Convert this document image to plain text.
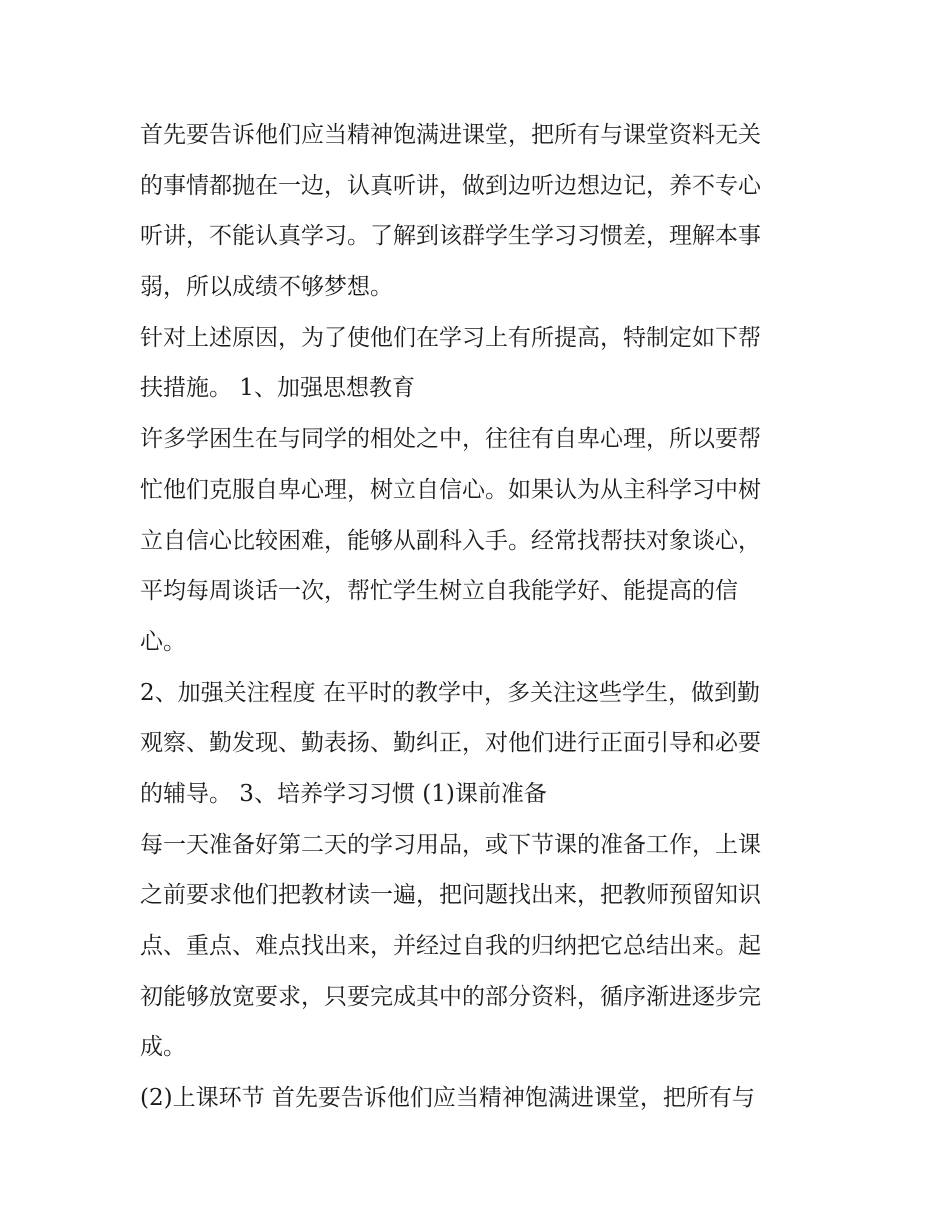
首先要告诉他们应当精神饱满进课堂，把所有与课堂资料无关
的事情都抛在一边，认真听讲，做到边听边想边记，养不专心
听讲，不能认真学习。了解到该群学生学习习惯差，理解本事
弱，所以成绩不够梦想。
针对上述原因，为了使他们在学习上有所提高，特制定如下帮
扶措施。 1、加强思想教育
许多学困生在与同学的相处之中，往往有自卑心理，所以要帮
忙他们克服自卑心理，树立自信心。如果认为从主科学习中树
立自信心比较困难，能够从副科入手。经常找帮扶对象谈心，
平均每周谈话一次，帮忙学生树立自我能学好、能提高的信
心。
2、加强关注程度 在平时的教学中，多关注这些学生，做到勤
观察、勤发现、勤表扬、勤纠正，对他们进行正面引导和必要
的辅导。 3、培养学习习惯 (1)课前准备
每一天准备好第二天的学习用品，或下节课的准备工作，上课
之前要求他们把教材读一遍，把问题找出来，把教师预留知识
点、重点、难点找出来，并经过自我的归纳把它总结出来。起
初能够放宽要求，只要完成其中的部分资料，循序渐进逐步完
成。
(2)上课环节 首先要告诉他们应当精神饱满进课堂，把所有与
